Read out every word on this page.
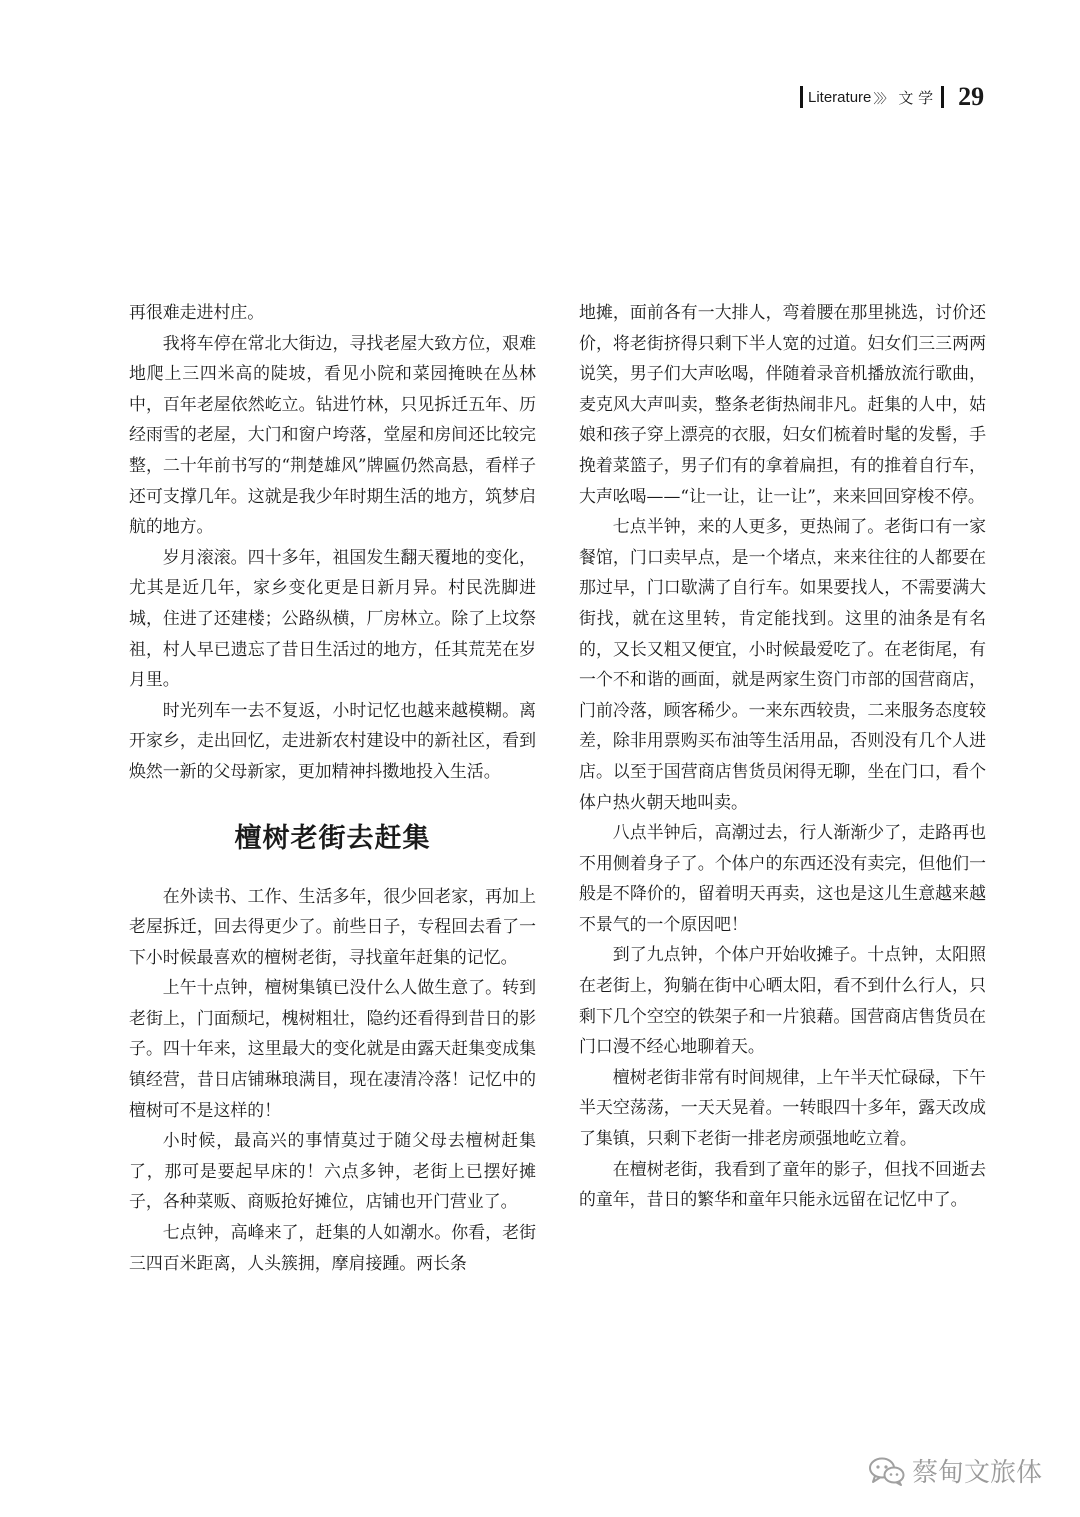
Literature 〉〉〉 文 学 29

再很难走进村庄。

我将车停在常北大街边，寻找老屋大致方位，艰难地爬上三四米高的陡坡，看见小院和菜园掩映在丛林中，百年老屋依然屹立。钻进竹林，只见拆迁五年、历经雨雪的老屋，大门和窗户垮落，堂屋和房间还比较完整，二十年前书写的“荆楚雄风”牌匾仍然高悬，看样子还可支撑几年。这就是我少年时期生活的地方，筑梦启航的地方。

岁月滚滚。四十多年，祖国发生翻天覆地的变化，尤其是近几年，家乡变化更是日新月异。村民洗脚进城，住进了还建楼；公路纵横，厂房林立。除了上坟祭祖，村人早已遗忘了昔日生活过的地方，任其荒芜在岁月里。

时光列车一去不复返，小时记忆也越来越模糊。离开家乡，走出回忆，走进新农村建设中的新社区，看到焕然一新的父母新家，更加精神抖擞地投入生活。

檀树老街去赶集

在外读书、工作、生活多年，很少回老家，再加上老屋拆迁，回去得更少了。前些日子，专程回去看了一下小时候最喜欢的檀树老街，寻找童年赶集的记忆。

上午十点钟，檀树集镇已没什么人做生意了。转到老街上，门面颓圮，槐树粗壮，隐约还看得到昔日的影子。四十年来，这里最大的变化就是由露天赶集变成集镇经营，昔日店铺琳琅满目，现在凄清冷落！记忆中的檀树可不是这样的！

小时候，最高兴的事情莫过于随父母去檀树赶集了，那可是要起早床的！六点多钟，老街上已摆好摊子，各种菜贩、商贩抢好摊位，店铺也开门营业了。

七点钟，高峰来了，赶集的人如潮水。你看，老街三四百米距离，人头簇拥，摩肩接踵。两长条

地摊，面前各有一大排人，弯着腰在那里挑选，讨价还价，将老街挤得只剩下半人宽的过道。妇女们三三两两说笑，男子们大声吆喝，伴随着录音机播放流行歌曲，麦克风大声叫卖，整条老街热闹非凡。赶集的人中，姑娘和孩子穿上漂亮的衣服，妇女们梳着时髦的发髻，手挽着菜篮子，男子们有的拿着扁担，有的推着自行车，大声吆喝——“让一让，让一让”，来来回回穿梭不停。

七点半钟，来的人更多，更热闹了。老街口有一家餐馆，门口卖早点，是一个堵点，来来往往的人都要在那过早，门口歇满了自行车。如果要找人，不需要满大街找，就在这里转，肯定能找到。这里的油条是有名的，又长又粗又便宜，小时候最爱吃了。在老街尾，有一个不和谐的画面，就是两家生资门市部的国营商店，门前冷落，顾客稀少。一来东西较贵，二来服务态度较差，除非用票购买布油等生活用品，否则没有几个人进店。以至于国营商店售货员闲得无聊，坐在门口，看个体户热火朝天地叫卖。

八点半钟后，高潮过去，行人渐渐少了，走路再也不用侧着身子了。个体户的东西还没有卖完，但他们一般是不降价的，留着明天再卖，这也是这儿生意越来越不景气的一个原因吧！

到了九点钟，个体户开始收摊子。十点钟，太阳照在老街上，狗躺在街中心晒太阳，看不到什么行人，只剩下几个空空的铁架子和一片狼藉。国营商店售货员在门口漫不经心地聊着天。

檀树老街非常有时间规律，上午半天忙碌碌，下午半天空荡荡，一天天晃着。一转眼四十多年，露天改成了集镇，只剩下老街一排老房顽强地屹立着。

在檀树老街，我看到了童年的影子，但找不回逝去的童年，昔日的繁华和童年只能永远留在记忆中了。

蔡甸文旅体
